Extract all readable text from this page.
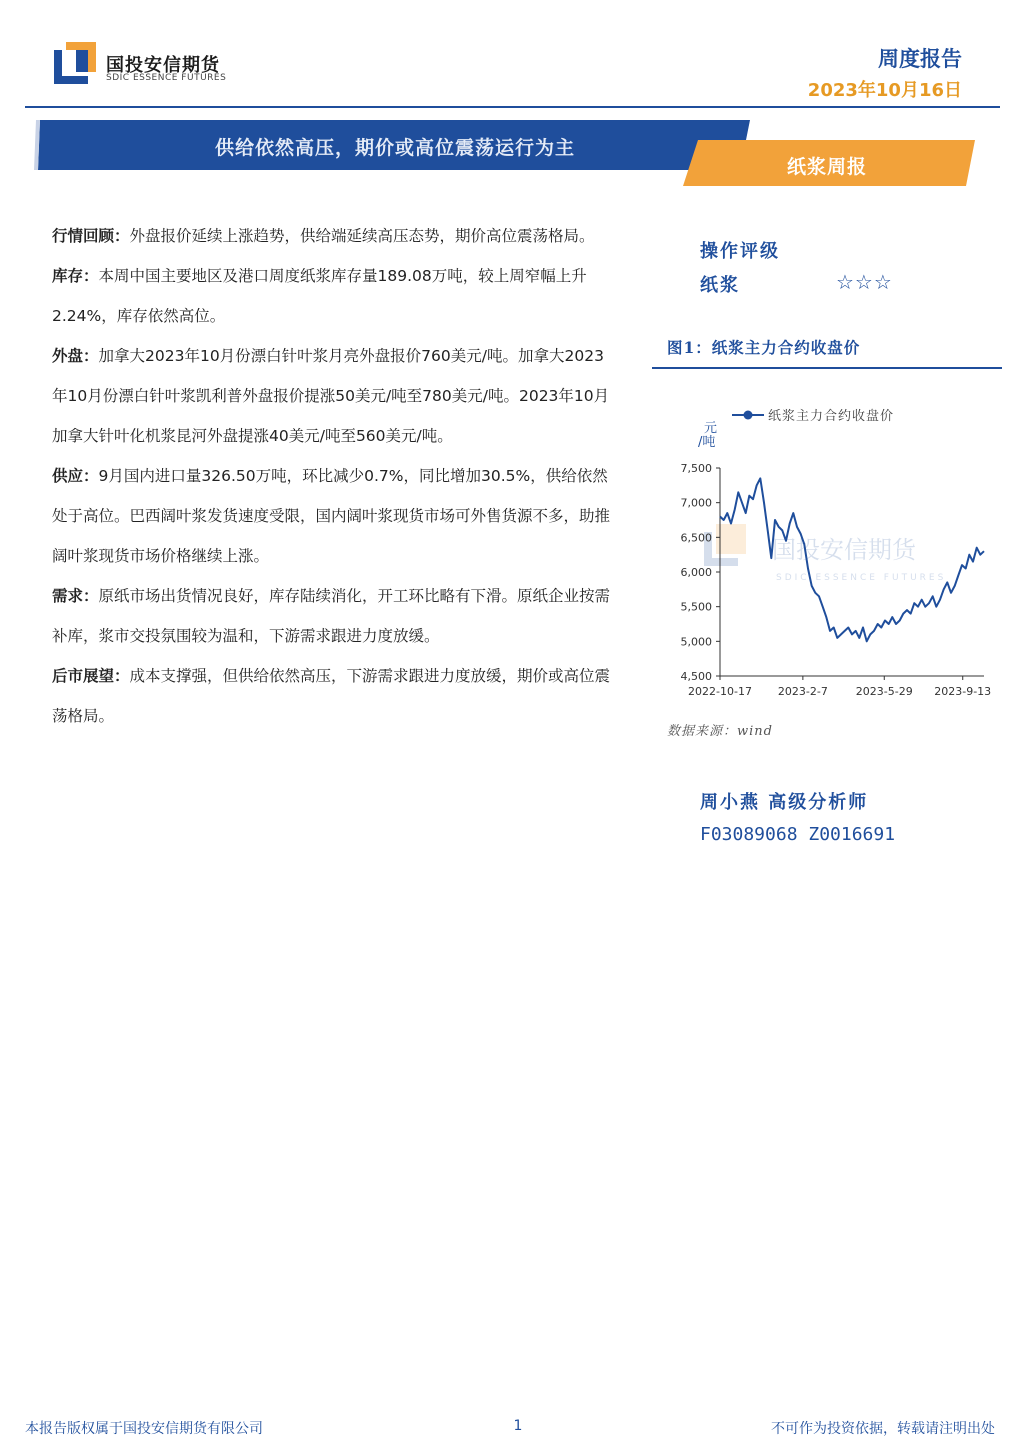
国投安信期货
SDIC ESSENCE FUTURES
周度报告
2023年10月16日
供给依然高压，期价或高位震荡运行为主
纸浆周报

行情回顾：外盘报价延续上涨趋势，供给端延续高压态势，期价高位震荡格局。

库存：本周中国主要地区及港口周度纸浆库存量189.08万吨，较上周窄幅上升2.24%，库存依然高位。

外盘：加拿大2023年10月份漂白针叶浆月亮外盘报价760美元/吨。加拿大2023年10月份漂白针叶浆凯利普外盘报价提涨50美元/吨至780美元/吨。2023年10月加拿大针叶化机浆昆河外盘提涨40美元/吨至560美元/吨。

供应：9月国内进口量326.50万吨，环比减少0.7%，同比增加30.5%，供给依然处于高位。巴西阔叶浆发货速度受限，国内阔叶浆现货市场可外售货源不多，助推阔叶浆现货市场价格继续上涨。

需求：原纸市场出货情况良好，库存陆续消化，开工环比略有下滑。原纸企业按需补库，浆市交投氛围较为温和，下游需求跟进力度放缓。

后市展望：成本支撑强，但供给依然高压，下游需求跟进力度放缓，期价或高位震荡格局。

操作评级
纸浆	☆☆☆
图1：纸浆主力合约收盘价
国投安信期货
SDIC ESSENCE FUTURES
4,500
5,000
5,500
6,000
6,500
7,000
7,500
2022-10-17 2023-2-7	2023-5-29 2023-9-13
纸浆主力合约收盘价
元/吨
数据来源：wind
周小燕 高级分析师
F03089068 Z0016691
本报告版权属于国投安信期货有限公司	1	不可作为投资依据，转载请注明出处
